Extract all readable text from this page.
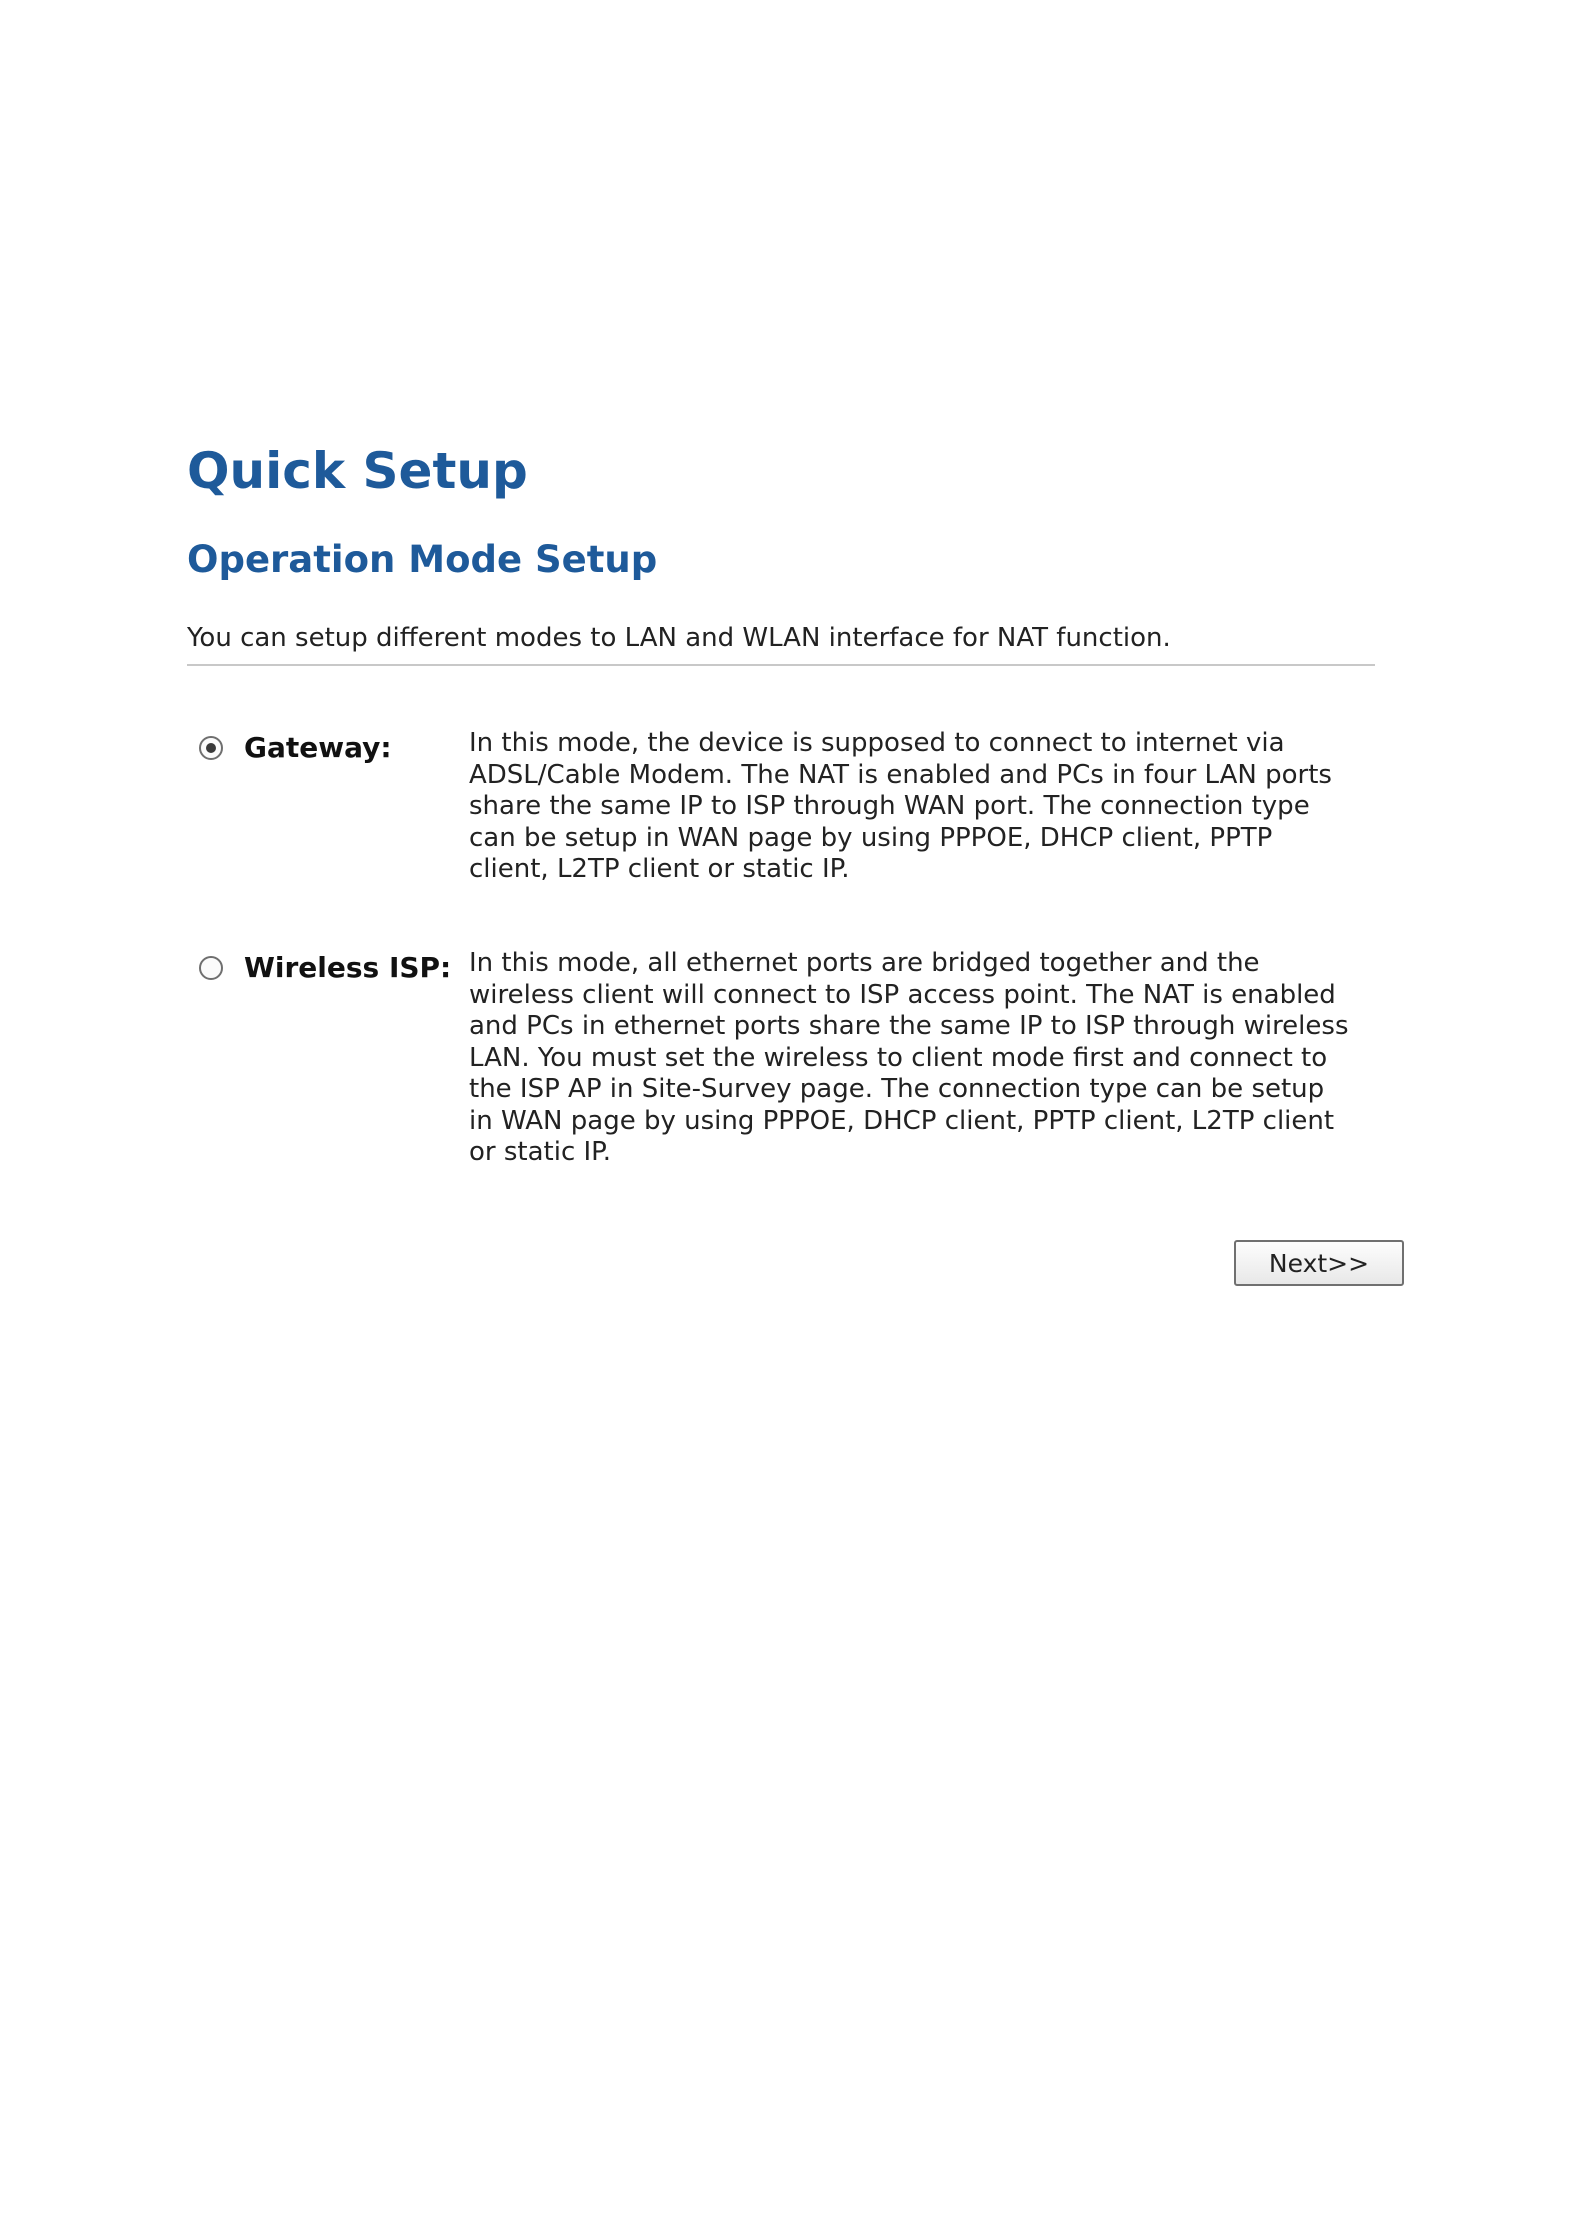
Quick Setup
Operation Mode Setup

You can setup different modes to LAN and WLAN interface for NAT function.

Gateway:	In this mode, the device is supposed to connect to internet via
ADSL/Cable Modem. The NAT is enabled and PCs in four LAN ports
share the same IP to ISP through WAN port. The connection type
can be setup in WAN page by using PPPOE, DHCP client, PPTP
client, L2TP client or static IP.
Wireless ISP: In this mode, all ethernet ports are bridged together and the
wireless client will connect to ISP access point. The NAT is enabled
and PCs in ethernet ports share the same IP to ISP through wireless
LAN. You must set the wireless to client mode first and connect to
the ISP AP in Site-Survey page. The connection type can be setup
in WAN page by using PPPOE, DHCP client, PPTP client, L2TP client
or static IP.
Next>>
